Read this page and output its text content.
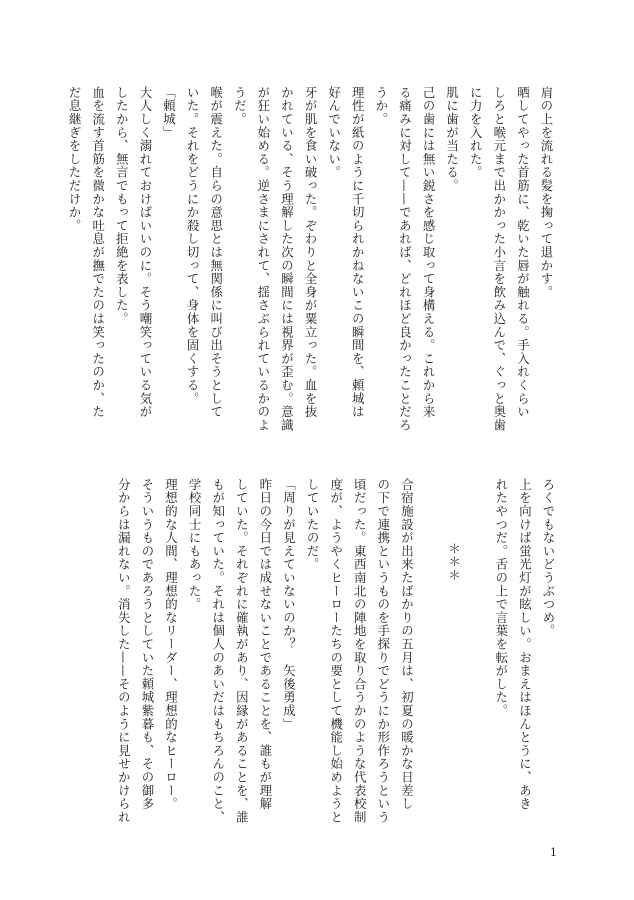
肩の上を流れる髪を掬って退かす。

晒してやった首筋に、乾いた唇が触れる。手入れくらい

しろと喉元まで出かかった小言を飲み込んで、ぐっと奥歯

に力を入れた。

肌に歯が当たる。

己の歯には無い鋭さを感じ取って身構える。これから来

る痛みに対して——であれば、どれほど良かったことだろ

うか。

理性が紙のように千切られかねないこの瞬間を、頼城は

好んでいない。

牙が肌を食い破った。ぞわりと全身が粟立った。血を抜

かれている、そう理解した次の瞬間には視界が歪む。意識

が狂い始める。逆さまにされて、揺さぶられているかのよ

うだ。

喉が震えた。自らの意思とは無関係に叫び出そうとして

いた。それをどうにか殺し切って、身体を固くする。

「頼城」

大人しく溺れておけばいいのに。そう嘲笑っている気が

したから、無言でもって拒絶を表した。

血を流す首筋を微かな吐息が撫でたのは笑ったのか、た

だ息継ぎをしただけか。

ろくでもないどうぶつめ。

上を向けば蛍光灯が眩しい。おまえはほんとうに、あき

れたやつだ。舌の上で言葉を転がした。

＊＊＊

合宿施設が出来たばかりの五月は、初夏の暖かな日差し

の下で連携というものを手探りでどうにか形作ろうという

頃だった。東西南北の陣地を取り合うかのような代表校制

度が、ようやくヒーローたちの要として機能し始めようと

していたのだ。

「周りが見えていないのか？　矢後勇成」

昨日の今日では成せないことであることを、誰もが理解

していた。それぞれに確執があり、因縁があることを、誰

もが知っていた。それは個人のあいだはもちろんのこと、

学校同士にもあった。

理想的な人間、理想的なリーダー、理想的なヒーロー。

そういうものであろうとしていた頼城紫暮も、その御多

分からは漏れない。消失した——そのように見せかけられ

1
